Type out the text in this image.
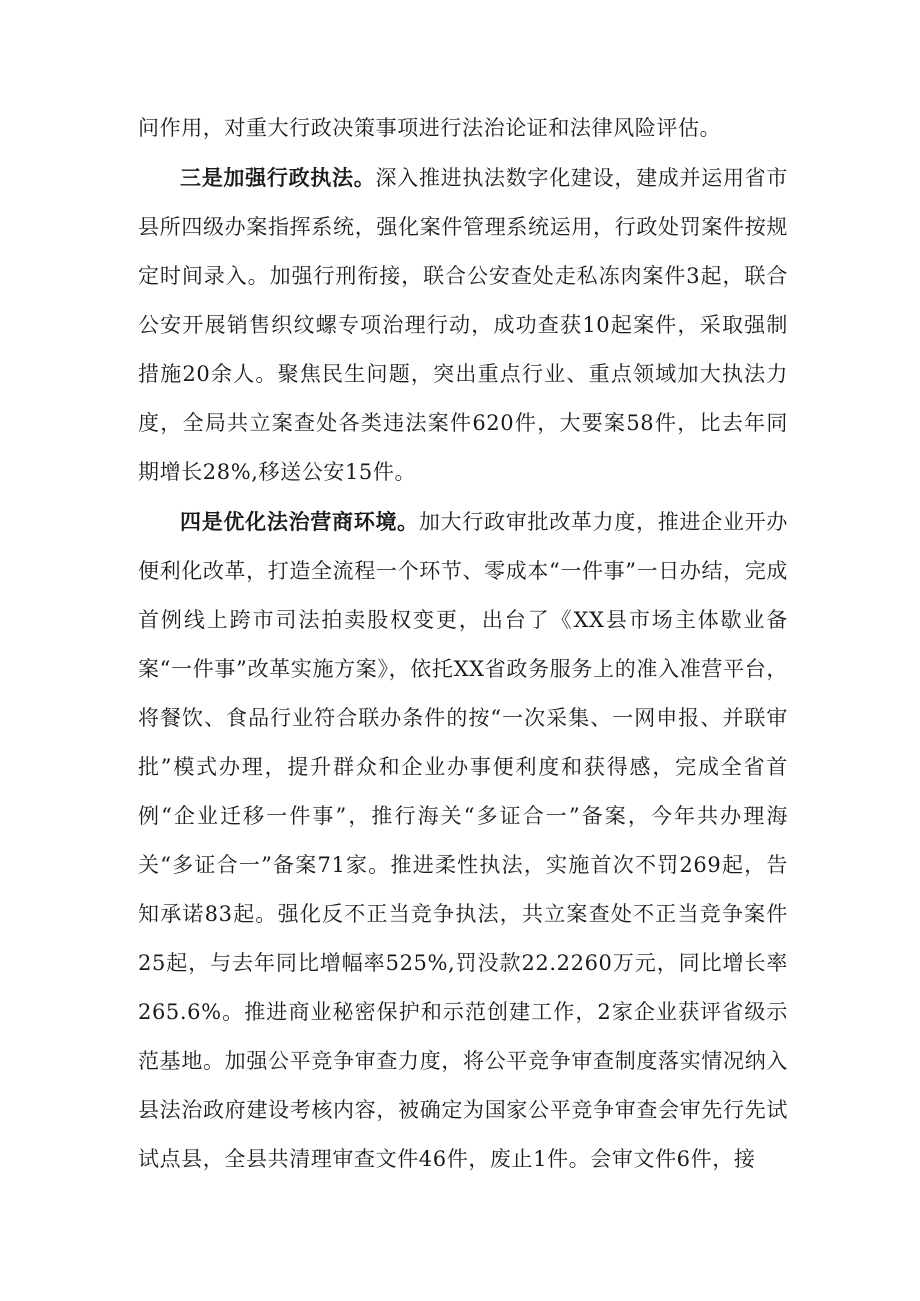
问作用，对重大行政决策事项进行法治论证和法律风险评估。

三是加强行政执法。深入推进执法数字化建设，建成并运用省市县所四级办案指挥系统，强化案件管理系统运用，行政处罚案件按规定时间录入。加强行刑衔接，联合公安查处走私冻肉案件3起，联合公安开展销售织纹螺专项治理行动，成功查获10起案件，采取强制措施20余人。聚焦民生问题，突出重点行业、重点领域加大执法力度，全局共立案查处各类违法案件620件，大要案58件，比去年同期增长28%,移送公安15件。

四是优化法治营商环境。加大行政审批改革力度，推进企业开办便利化改革，打造全流程一个环节、零成本“一件事”一日办结，完成首例线上跨市司法拍卖股权变更，出台了《XX县市场主体歇业备案“一件事”改革实施方案》，依托XX省政务服务上的准入准营平台，将餐饮、食品行业符合联办条件的按“一次采集、一网申报、并联审批”模式办理，提升群众和企业办事便利度和获得感，完成全省首例“企业迁移一件事”，推行海关“多证合一”备案，今年共办理海关“多证合一”备案71家。推进柔性执法，实施首次不罚269起，告知承诺83起。强化反不正当竞争执法，共立案查处不正当竞争案件25起，与去年同比增幅率525%,罚没款22.2260万元，同比增长率265.6%。推进商业秘密保护和示范创建工作，2家企业获评省级示范基地。加强公平竞争审查力度，将公平竞争审查制度落实情况纳入县法治政府建设考核内容，被确定为国家公平竞争审查会审先行先试试点县，全县共清理审查文件46件，废止1件。会审文件6件，接
